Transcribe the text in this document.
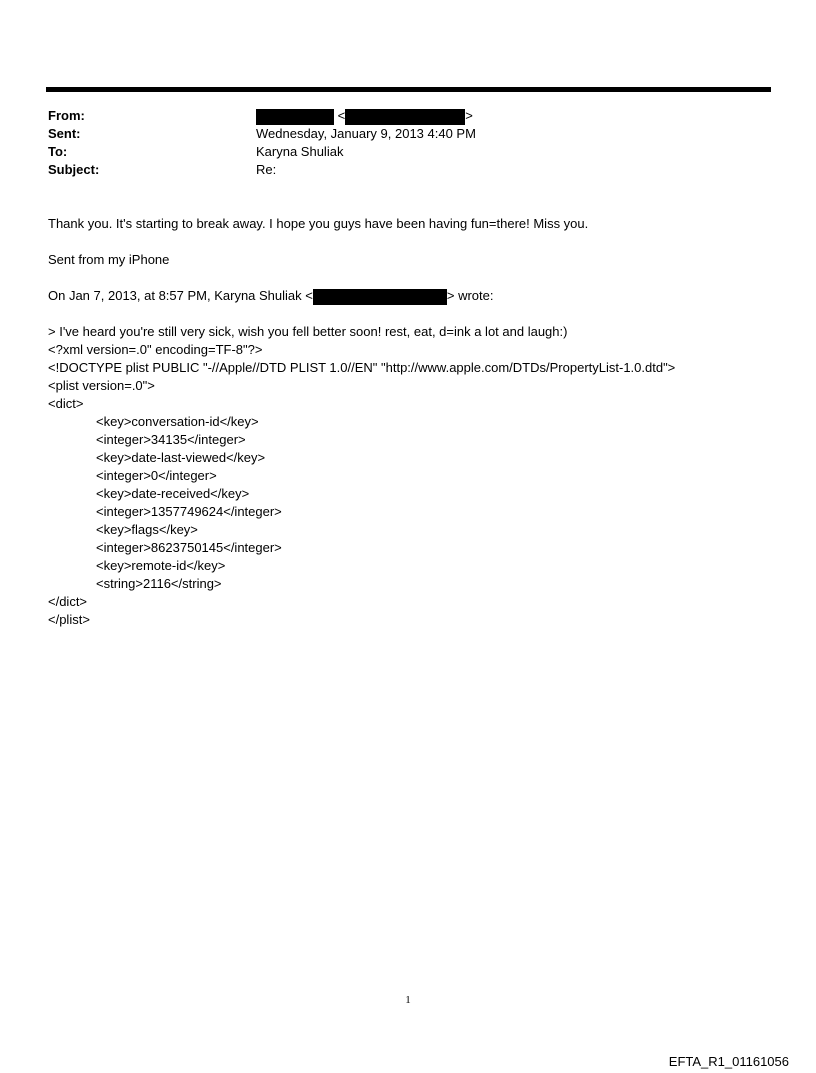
From:	<	>
Sent:	Wednesday, January 9, 2013 4:40 PM
To:	Karyna Shuliak
Subject:	Re:
Thank you. It's starting to break away. I hope you guys have been having fun=there! Miss you.
Sent from my iPhone
On Jan 7, 2013, at 8:57 PM, Karyna Shuliak <	> wrote:
> I've heard you're still very sick, wish you fell better soon! rest, eat, d=ink a lot and laugh:)
<?xml version=.0" encoding=TF-8"?>
<!DOCTYPE plist PUBLIC "-//Apple//DTD PLIST 1.0//EN" "http://www.apple.com/DTDs/PropertyList-1.0.dtd">
<plist version=.0">
<dict>
<key>conversation-id</key>
<integer>34135</integer>
<key>date-last-viewed</key>
<integer>0</integer>
<key>date-received</key>
<integer>1357749624</integer>
<key>flags</key>
<integer>8623750145</integer>
<key>remote-id</key>
<string>2116</string>
</dict>
</plist>
1
EFTA_R1_01161056
